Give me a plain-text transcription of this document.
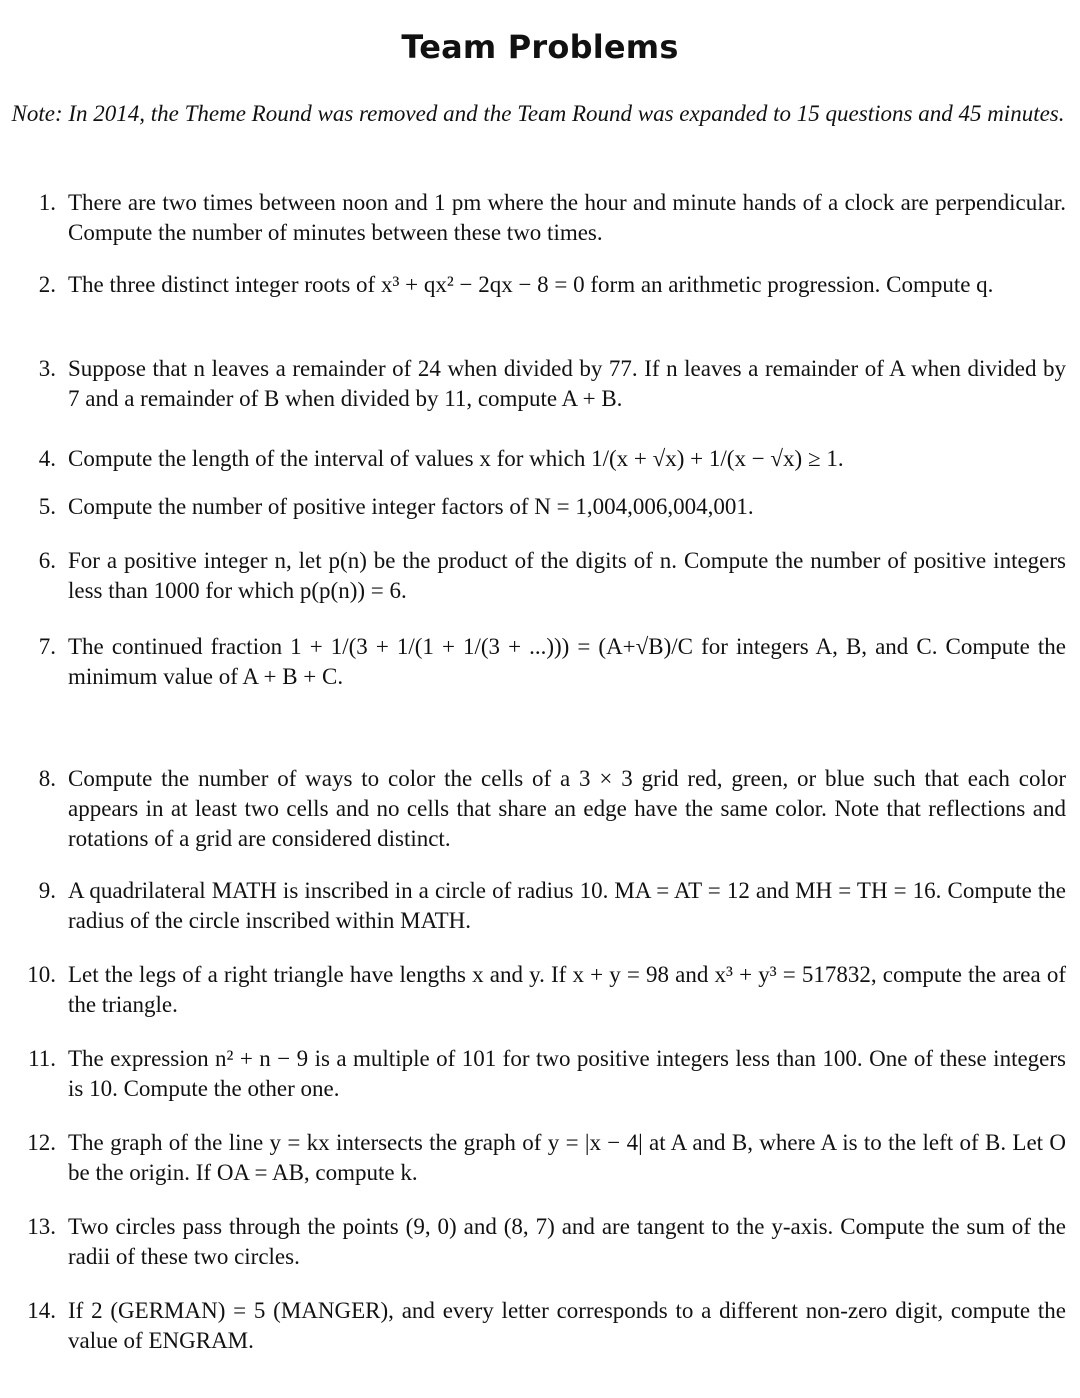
Team Problems
Note: In 2014, the Theme Round was removed and the Team Round was expanded to 15 questions and 45 minutes.
1. There are two times between noon and 1 pm where the hour and minute hands of a clock are perpendicular. Compute the number of minutes between these two times.
2. The three distinct integer roots of x³ + qx² − 2qx − 8 = 0 form an arithmetic progression. Compute q.
3. Suppose that n leaves a remainder of 24 when divided by 77. If n leaves a remainder of A when divided by 7 and a remainder of B when divided by 11, compute A + B.
4. Compute the length of the interval of values x for which 1/(x + √x) + 1/(x − √x) ≥ 1.
5. Compute the number of positive integer factors of N = 1,004,006,004,001.
6. For a positive integer n, let p(n) be the product of the digits of n. Compute the number of positive integers less than 1000 for which p(p(n)) = 6.
7. The continued fraction 1 + 1/(3 + 1/(1 + 1/(3 + ...))) = (A+√B)/C for integers A, B, and C. Compute the minimum value of A + B + C.
8. Compute the number of ways to color the cells of a 3 × 3 grid red, green, or blue such that each color appears in at least two cells and no cells that share an edge have the same color. Note that reflections and rotations of a grid are considered distinct.
9. A quadrilateral MATH is inscribed in a circle of radius 10. MA = AT = 12 and MH = TH = 16. Compute the radius of the circle inscribed within MATH.
10. Let the legs of a right triangle have lengths x and y. If x + y = 98 and x³ + y³ = 517832, compute the area of the triangle.
11. The expression n² + n − 9 is a multiple of 101 for two positive integers less than 100. One of these integers is 10. Compute the other one.
12. The graph of the line y = kx intersects the graph of y = |x − 4| at A and B, where A is to the left of B. Let O be the origin. If OA = AB, compute k.
13. Two circles pass through the points (9, 0) and (8, 7) and are tangent to the y-axis. Compute the sum of the radii of these two circles.
14. If 2 (GERMAN) = 5 (MANGER), and every letter corresponds to a different non-zero digit, compute the value of ENGRAM.
